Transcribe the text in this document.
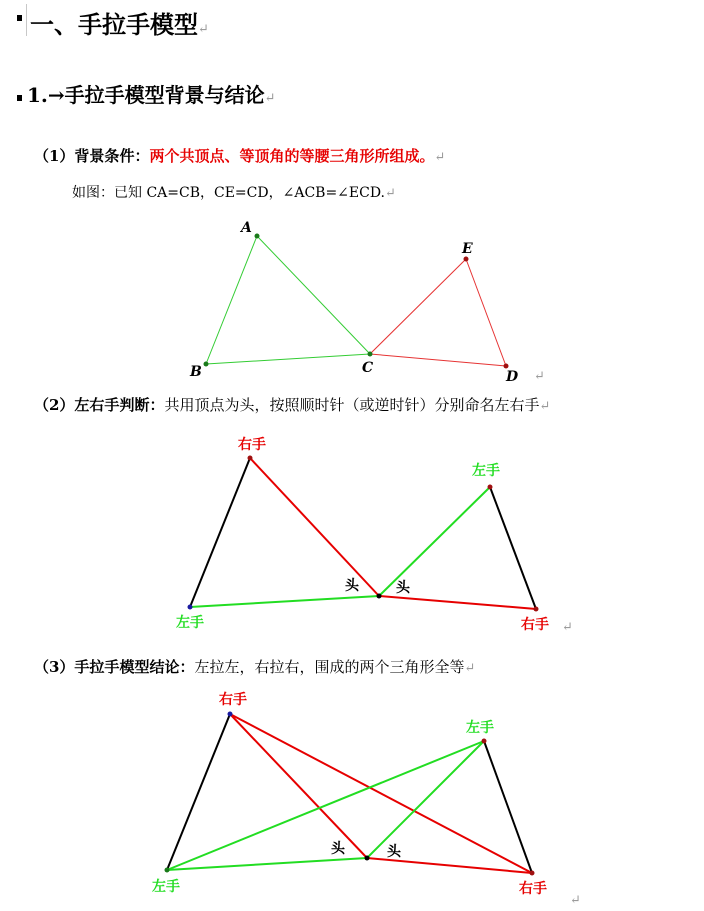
一、手拉手模型↵
1.→手拉手模型背景与结论↵
（1）背景条件：两个共顶点、等顶角的等腰三角形所组成。↵
如图：已知 CA=CB，CE=CD，∠ACB=∠ECD.↵
A
B	C
D
E
↵
（2）左右手判断：共用顶点为头，按照顺时针（或逆时针）分别命名左右手↵
右手
左手
左手	右手
头	头
↵
（3）手拉手模型结论：左拉左，右拉右，围成的两个三角形全等↵
右手
左手
左手	右手
头	头
↵
